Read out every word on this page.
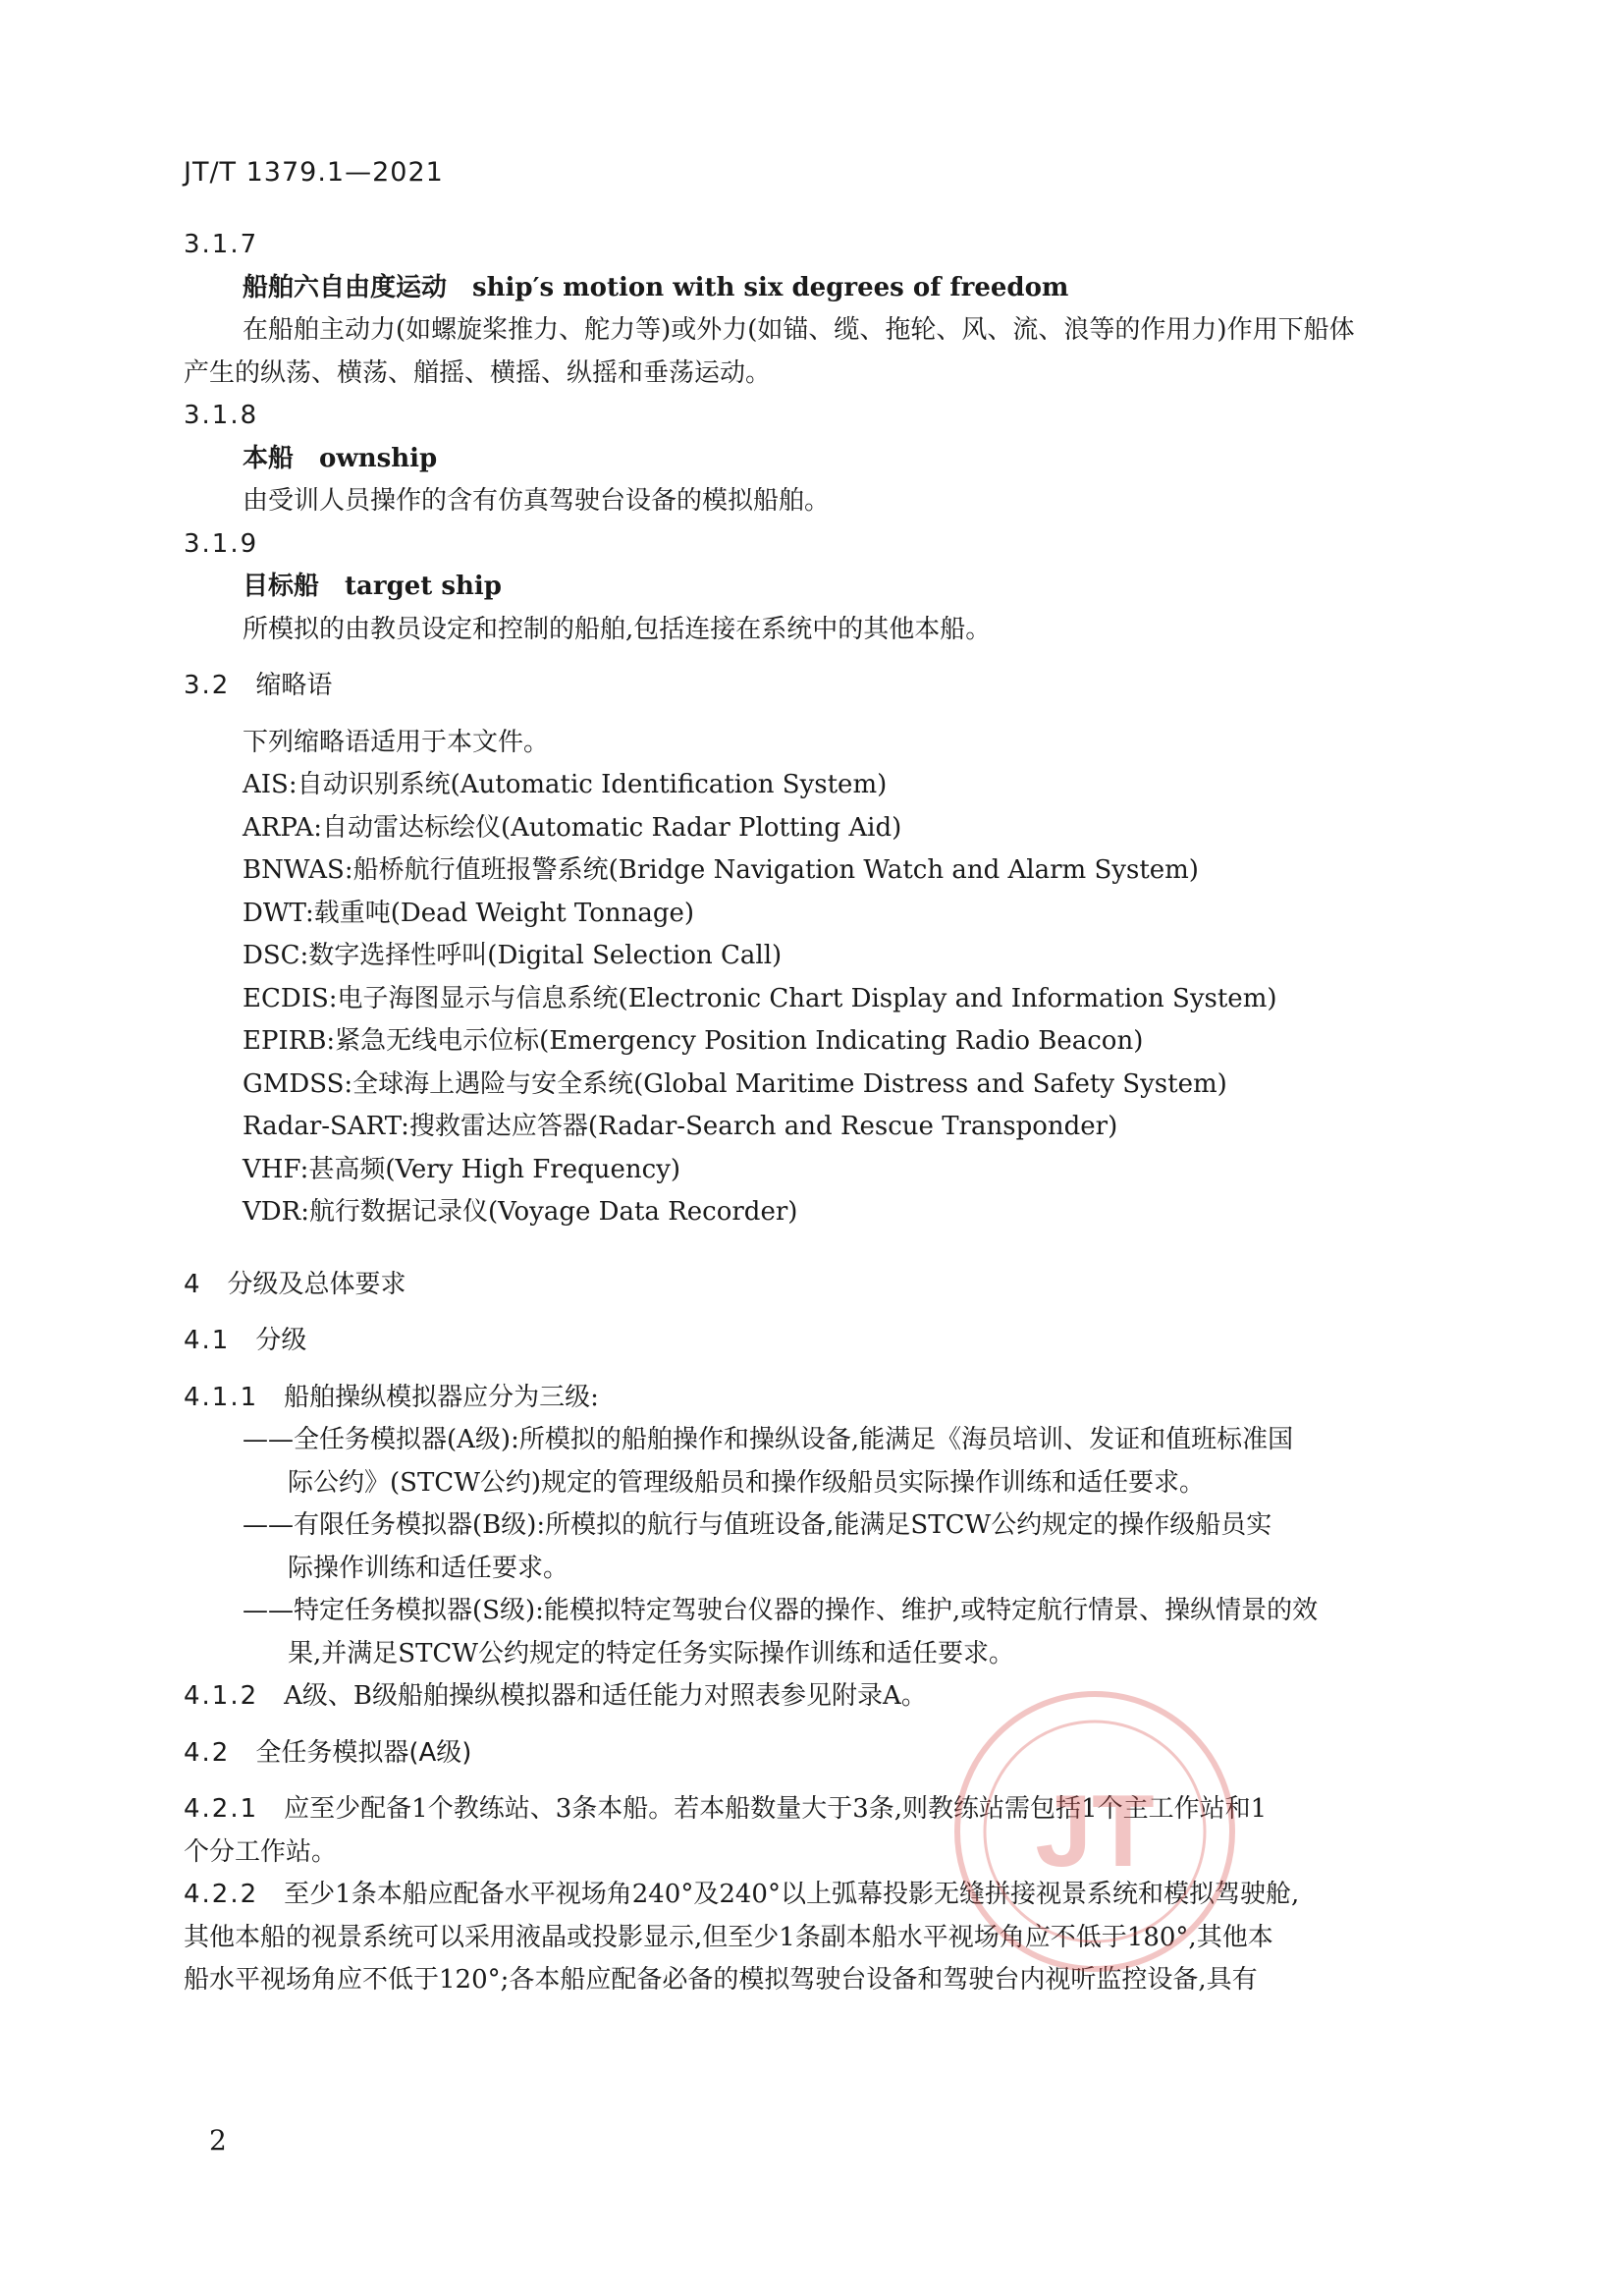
JT/T 1379.1—2021
3.1.7
船舶六自由度运动 ship′s motion with six degrees of freedom
在船舶主动力(如螺旋桨推力、舵力等)或外力(如锚、缆、拖轮、风、流、浪等的作用力)作用下船体
产生的纵荡、横荡、艏摇、横摇、纵摇和垂荡运动。
3.1.8
本船 ownship
由受训人员操作的含有仿真驾驶台设备的模拟船舶。
3.1.9
目标船 target ship
所模拟的由教员设定和控制的船舶,包括连接在系统中的其他本船。
3.2 缩略语
下列缩略语适用于本文件。
AIS:自动识别系统(Automatic Identification System)
ARPA:自动雷达标绘仪(Automatic Radar Plotting Aid)
BNWAS:船桥航行值班报警系统(Bridge Navigation Watch and Alarm System)
DWT:载重吨(Dead Weight Tonnage)
DSC:数字选择性呼叫(Digital Selection Call)
ECDIS:电子海图显示与信息系统(Electronic Chart Display and Information System)
EPIRB:紧急无线电示位标(Emergency Position Indicating Radio Beacon)
GMDSS:全球海上遇险与安全系统(Global Maritime Distress and Safety System)
Radar-SART:搜救雷达应答器(Radar-Search and Rescue Transponder)
VHF:甚高频(Very High Frequency)
VDR:航行数据记录仪(Voyage Data Recorder)
4 分级及总体要求
4.1 分级
4.1.1 船舶操纵模拟器应分为三级:
——全任务模拟器(A级):所模拟的船舶操作和操纵设备,能满足《海员培训、发证和值班标准国
际公约》(STCW公约)规定的管理级船员和操作级船员实际操作训练和适任要求。
——有限任务模拟器(B级):所模拟的航行与值班设备,能满足STCW公约规定的操作级船员实
际操作训练和适任要求。
——特定任务模拟器(S级):能模拟特定驾驶台仪器的操作、维护,或特定航行情景、操纵情景的效
果,并满足STCW公约规定的特定任务实际操作训练和适任要求。
4.1.2 A级、B级船舶操纵模拟器和适任能力对照表参见附录A。
4.2 全任务模拟器(A级)
4.2.1 应至少配备1个教练站、3条本船。若本船数量大于3条,则教练站需包括1个主工作站和1
个分工作站。
4.2.2 至少1条本船应配备水平视场角240°及240°以上弧幕投影无缝拼接视景系统和模拟驾驶舱,
其他本船的视景系统可以采用液晶或投影显示,但至少1条副本船水平视场角应不低于180°,其他本
船水平视场角应不低于120°;各本船应配备必备的模拟驾驶台设备和驾驶台内视听监控设备,具有
2
JT
